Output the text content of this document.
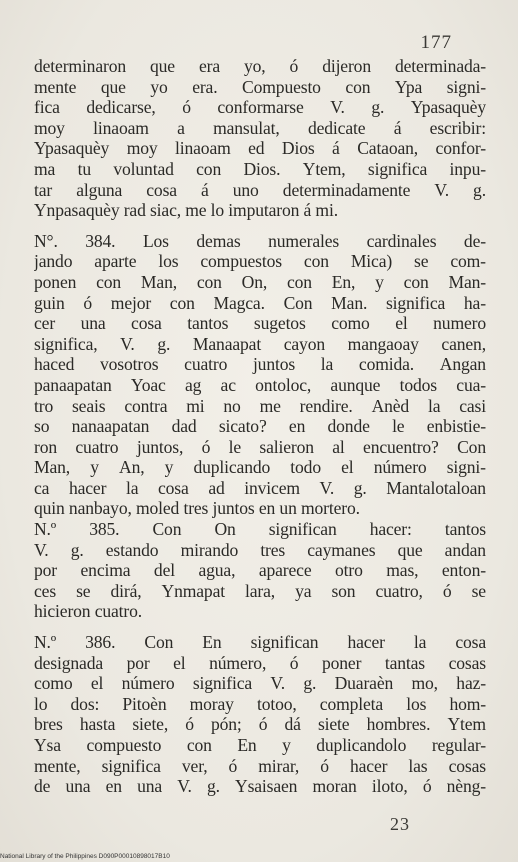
177
determinaron que era yo, ó dijeron determinada-
mente que yo era. Compuesto con Ypa signi-
fica dedicarse, ó conformarse V. g. Ypasaquèy
moy linaoam a mansulat, dedicate á escribir:
Ypasaquèy moy linaoam ed Dios á Cataoan, confor-
ma tu voluntad con Dios. Ytem, significa inpu-
tar alguna cosa á uno determinadamente V. g.
Ynpasaquèy rad siac, me lo imputaron á mi.
N°. 384. Los demas numerales cardinales de-
jando aparte los compuestos con Mica) se com-
ponen con Man, con On, con En, y con Man-
guin ó mejor con Magca. Con Man. significa ha-
cer una cosa tantos sugetos como el numero
significa, V. g. Manaapat cayon mangaoay canen,
haced vosotros cuatro juntos la comida. Angan
panaapatan Yoac ag ac ontoloc, aunque todos cua-
tro seais contra mi no me rendire. Anèd la casi
so nanaapatan dad sicato? en donde le enbistie-
ron cuatro juntos, ó le salieron al encuentro? Con
Man, y An, y duplicando todo el número signi-
ca hacer la cosa ad invicem V. g. Mantalotaloan
quin nanbayo, moled tres juntos en un mortero.
N.º 385. Con On significan hacer: tantos
V. g. estando mirando tres caymanes que andan
por encima del agua, aparece otro mas, enton-
ces se dirá, Ynmapat lara, ya son cuatro, ó se
hicieron cuatro.
N.º 386. Con En significan hacer la cosa
designada por el número, ó poner tantas cosas
como el número significa V. g. Duaraèn mo, haz-
lo dos: Pitoèn moray totoo, completa los hom-
bres hasta siete, ó pón; ó dá siete hombres. Ytem
Ysa compuesto con En y duplicandolo regular-
mente, significa ver, ó mirar, ó hacer las cosas
de una en una V. g. Ysaisaen moran iloto, ó nèng-
23
National Library of the Philippines D090P00010898017B10
